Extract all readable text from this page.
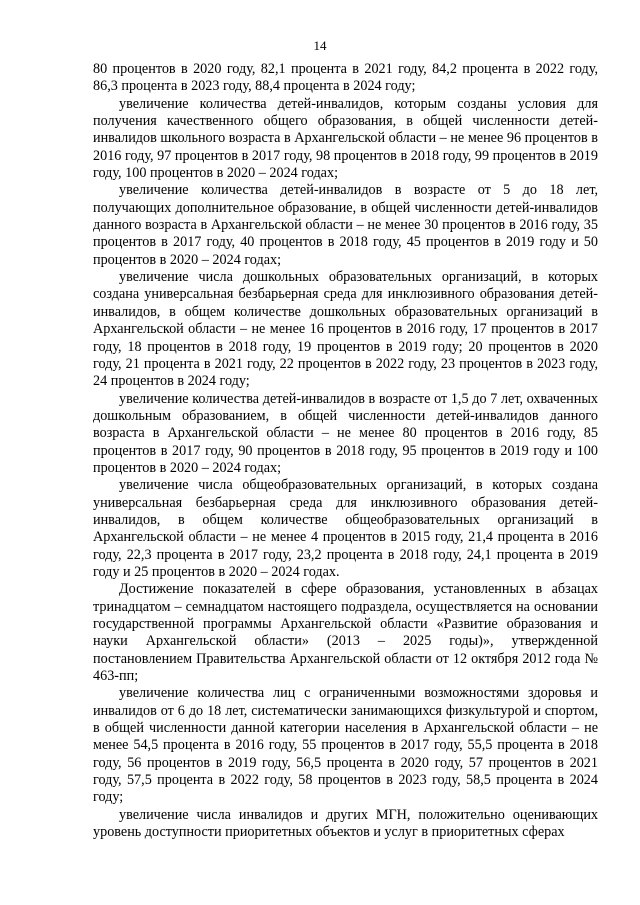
14

80 процентов в 2020 году, 82,1 процента в 2021 году, 84,2 процента в 2022 году, 86,3 процента в 2023 году, 88,4 процента в 2024 году;

увеличение количества детей-инвалидов, которым созданы условия для получения качественного общего образования, в общей численности детей-инвалидов школьного возраста в Архангельской области – не менее 96 процентов в 2016 году, 97 процентов в 2017 году, 98 процентов в 2018 году, 99 процентов в 2019 году, 100 процентов в 2020 – 2024 годах;

увеличение количества детей-инвалидов в возрасте от 5 до 18 лет, получающих дополнительное образование, в общей численности детей-инвалидов данного возраста в Архангельской области – не менее 30 процентов в 2016 году, 35 процентов в 2017 году, 40 процентов в 2018 году, 45 процентов в 2019 году и 50 процентов в 2020 – 2024 годах;

увеличение числа дошкольных образовательных организаций, в которых создана универсальная безбарьерная среда для инклюзивного образования детей-инвалидов, в общем количестве дошкольных образовательных организаций в Архангельской области – не менее 16 процентов в 2016 году, 17 процентов в 2017 году, 18 процентов в 2018 году, 19 процентов в 2019 году; 20 процентов в 2020 году, 21 процента в 2021 году, 22 процентов в 2022 году, 23 процентов в 2023 году, 24 процентов в 2024 году;

увеличение количества детей-инвалидов в возрасте от 1,5 до 7 лет, охваченных дошкольным образованием, в общей численности детей-инвалидов данного возраста в Архангельской области – не менее 80 процентов в 2016 году, 85 процентов в 2017 году, 90 процентов в 2018 году, 95 процентов в 2019 году и 100 процентов в 2020 – 2024 годах;

увеличение числа общеобразовательных организаций, в которых создана универсальная безбарьерная среда для инклюзивного образования детей-инвалидов, в общем количестве общеобразовательных организаций в Архангельской области – не менее 4 процентов в 2015 году, 21,4 процента в 2016 году, 22,3 процента в 2017 году, 23,2 процента в 2018 году, 24,1 процента в 2019 году и 25 процентов в 2020 – 2024 годах.

Достижение показателей в сфере образования, установленных в абзацах тринадцатом – семнадцатом настоящего подраздела, осуществляется на основании государственной программы Архангельской области «Развитие образования и науки Архангельской области» (2013 – 2025 годы)», утвержденной постановлением Правительства Архангельской области от 12 октября 2012 года № 463-пп;

увеличение количества лиц с ограниченными возможностями здоровья и инвалидов от 6 до 18 лет, систематически занимающихся физкультурой и спортом, в общей численности данной категории населения в Архангельской области – не менее 54,5 процента в 2016 году, 55 процентов в 2017 году, 55,5 процента в 2018 году, 56 процентов в 2019 году, 56,5 процента в 2020 году, 57 процентов в 2021 году, 57,5 процента в 2022 году, 58 процентов в 2023 году, 58,5 процента в 2024 году;

увеличение числа инвалидов и других МГН, положительно оценивающих уровень доступности приоритетных объектов и услуг в приоритетных сферах
